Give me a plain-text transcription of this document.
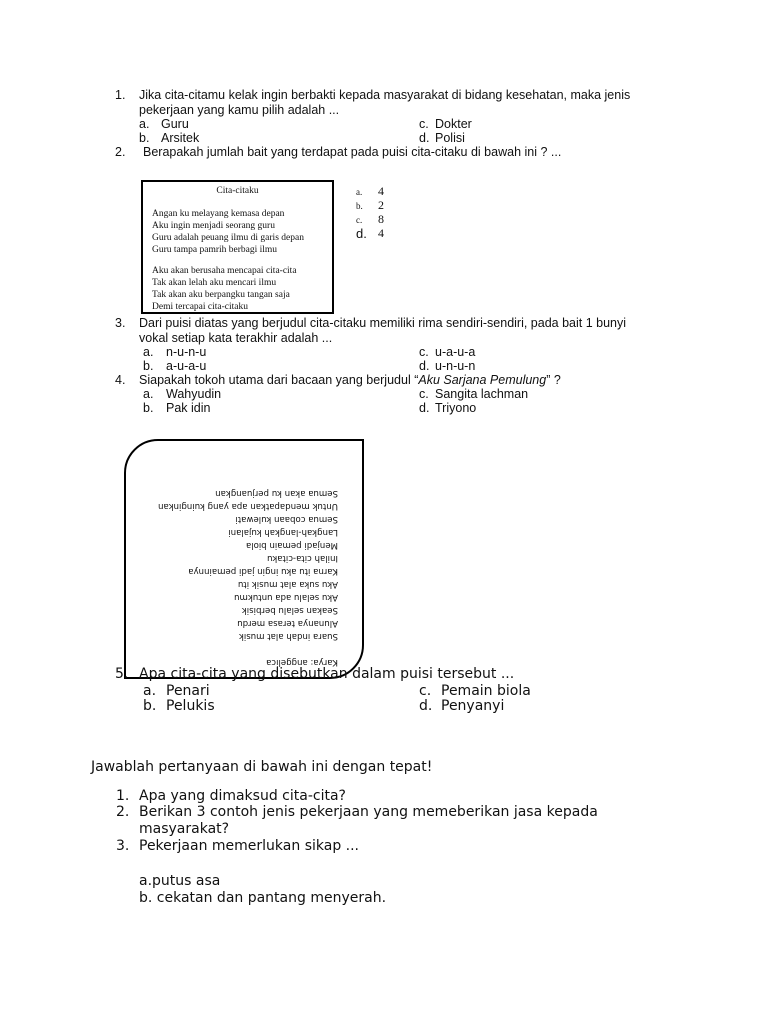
1. Jika cita-citamu kelak ingin berbakti kepada masyarakat di bidang kesehatan, maka jenis
pekerjaan yang kamu pilih adalah ...
a. Guru
b. Arsitek
c. Dokter
d. Polisi
2. Berapakah jumlah bait yang terdapat pada puisi cita-citaku di bawah ini ? ...
Cita-citaku
Angan ku melayang kemasa depan
Aku ingin menjadi seorang guru
Guru adalah peuang ilmu di garis depan
Guru tampa pamrih berbagi ilmu
Aku akan berusaha mencapai cita-cita
Tak akan lelah aku mencari ilmu
Tak akan aku berpangku tangan saja
Demi tercapai cita-citaku
a. 4
b. 2
c. 8
d. 4
3. Dari puisi diatas yang berjudul cita-citaku memiliki rima sendiri-sendiri, pada bait 1 bunyi
vokal setiap kata terakhir adalah ...
a. n-u-n-u
b. a-u-a-u
c. u-a-u-a
d. u-n-u-n
4. Siapakah tokoh utama dari bacaan yang berjudul “Aku Sarjana Pemulung” ?
a. Wahyudin
b. Pak idin
c. Sangita lachman
d. Triyono
Karya: anggelica
Suara indah alat musik
Alunanya terasa merdu
Seakan selalu berbisik
Aku selalu ada untukmu
Aku suka alat musik itu
Karna itu aku ingin jadi pemainnya
Inilah cita-citaku
Menjadi pemain biola
Langkah-langkah kujalani
Semua cobaan kulewati
Untuk mendapatkan apa yang kuinginkan
Semua akan ku perjuangkan
5. Apa cita-cita yang disebutkan dalam puisi tersebut ...
a. Penari
b. Pelukis
c. Pemain biola
d. Penyanyi
Jawablah pertanyaan di bawah ini dengan tepat!
1. Apa yang dimaksud cita-cita?
2. Berikan 3 contoh jenis pekerjaan yang memeberikan jasa kepada
masyarakat?
3. Pekerjaan memerlukan sikap ...
a.putus asa
b. cekatan dan pantang menyerah.
